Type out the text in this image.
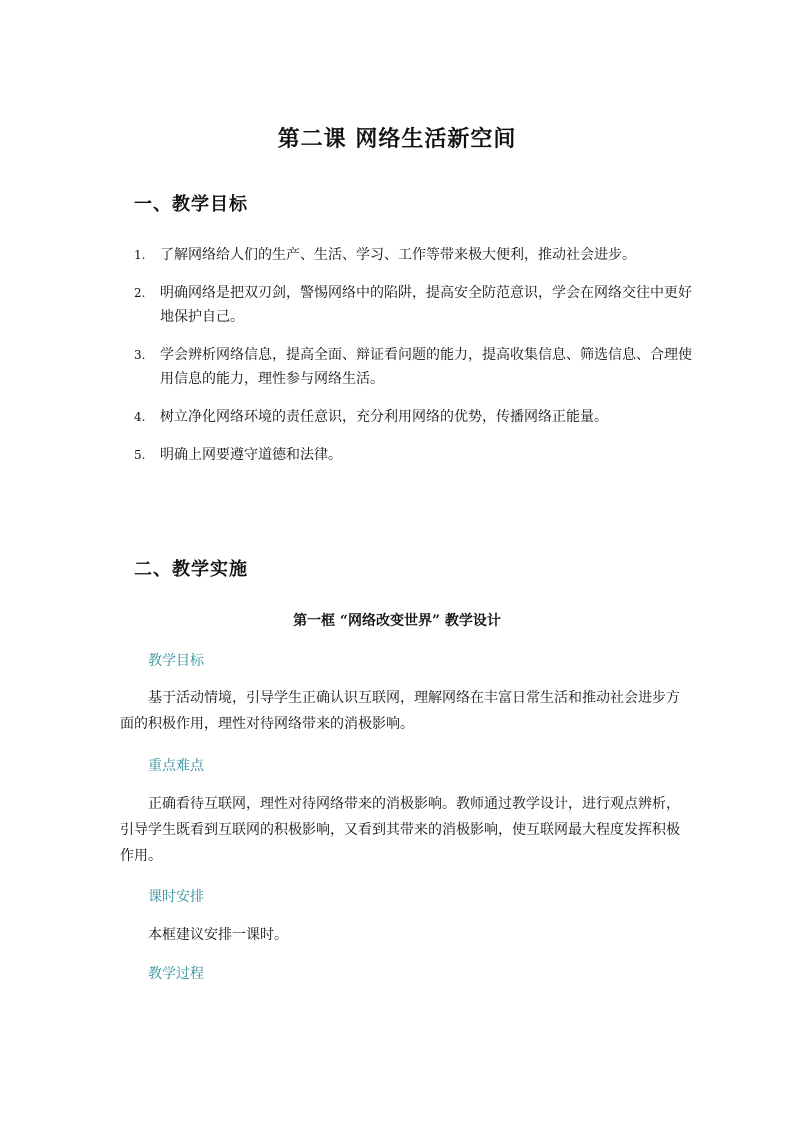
第二课 网络生活新空间
一、教学目标
1. 了解网络给人们的生产、生活、学习、工作等带来极大便利，推动社会进步。
2. 明确网络是把双刃剑，警惕网络中的陷阱，提高安全防范意识，学会在网络交往中更好地保护自己。
3. 学会辨析网络信息，提高全面、辩证看问题的能力，提高收集信息、筛选信息、合理使用信息的能力，理性参与网络生活。
4. 树立净化网络环境的责任意识，充分利用网络的优势，传播网络正能量。
5. 明确上网要遵守道德和法律。
二、教学实施
第一框 “网络改变世界” 教学设计
教学目标
基于活动情境，引导学生正确认识互联网，理解网络在丰富日常生活和推动社会进步方面的积极作用，理性对待网络带来的消极影响。
重点难点
正确看待互联网，理性对待网络带来的消极影响。教师通过教学设计，进行观点辨析，引导学生既看到互联网的积极影响，又看到其带来的消极影响，使互联网最大程度发挥积极作用。
课时安排
本框建议安排一课时。
教学过程
